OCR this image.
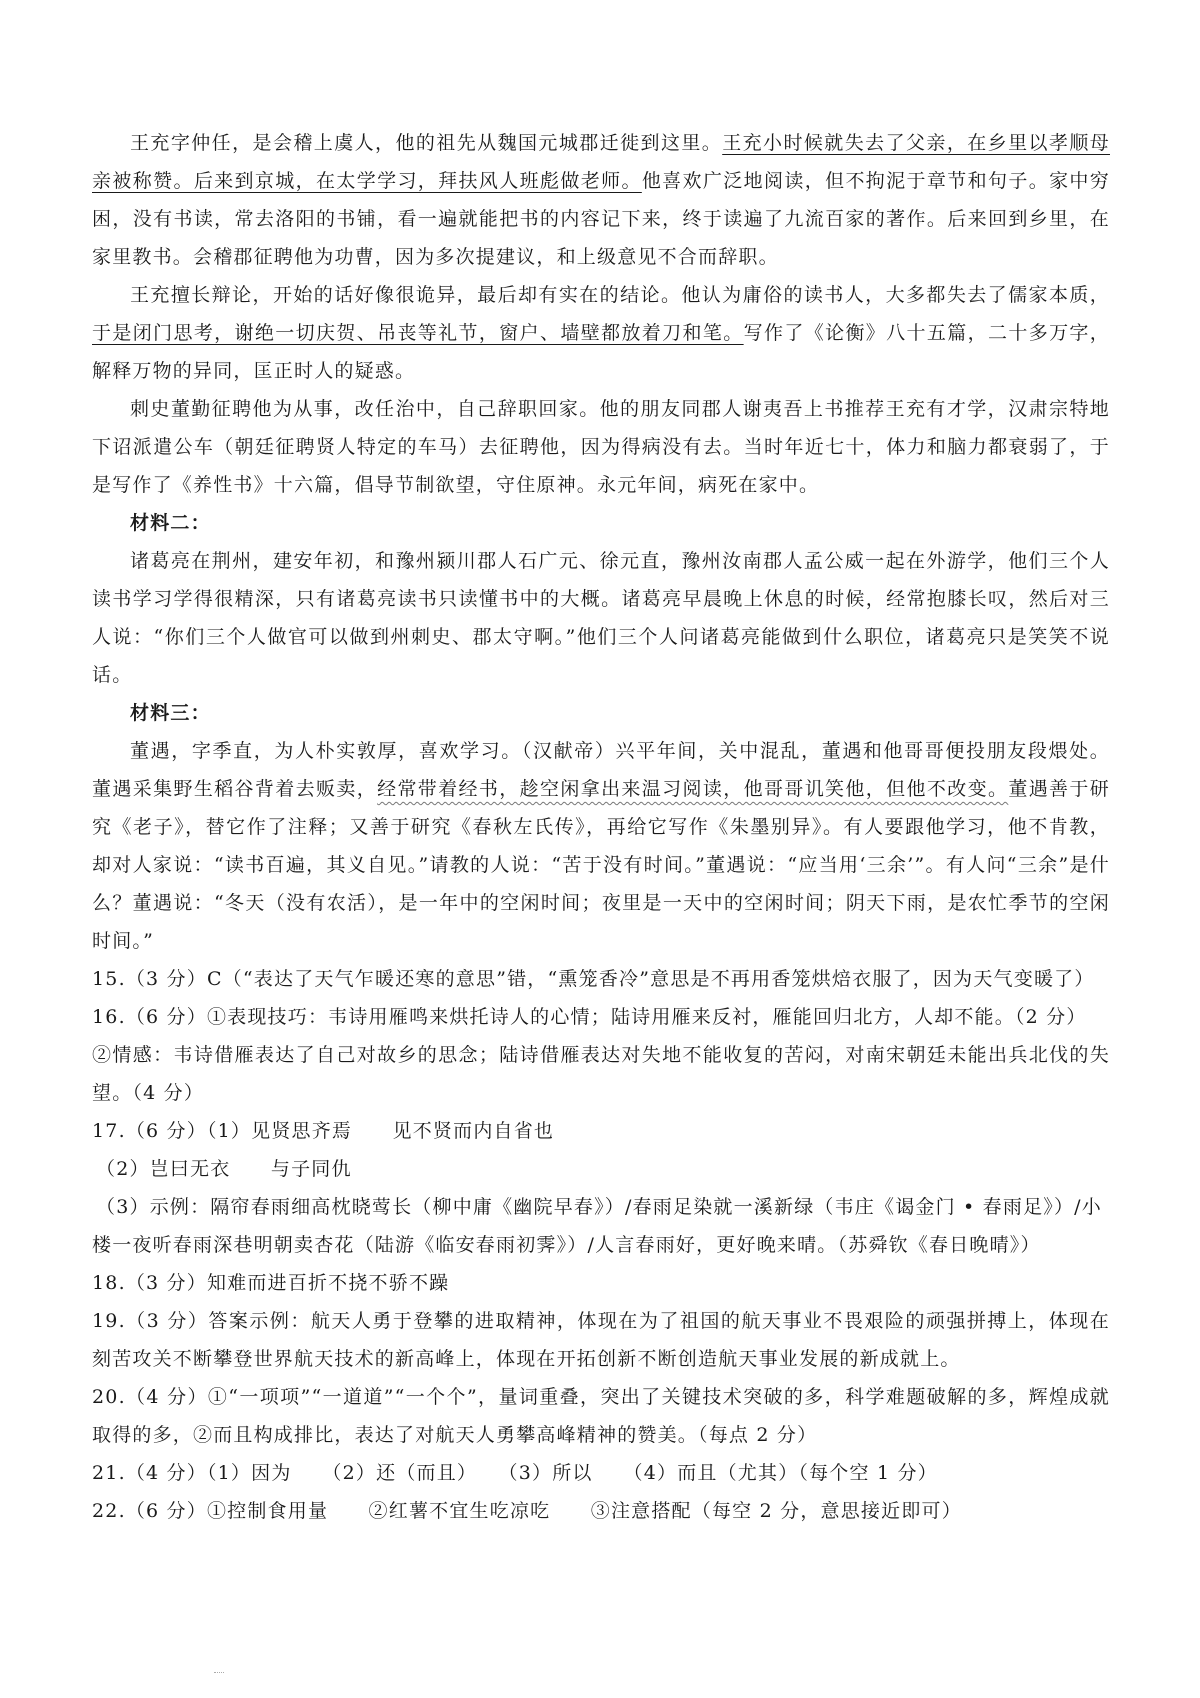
王充字仲任，是会稽上虞人，他的祖先从魏国元城郡迁徙到这里。王充小时候就失去了父亲，在乡里以孝顺母亲被称赞。后来到京城，在太学学习，拜扶风人班彪做老师。他喜欢广泛地阅读，但不拘泥于章节和句子。家中穷困，没有书读，常去洛阳的书铺，看一遍就能把书的内容记下来，终于读遍了九流百家的著作。后来回到乡里，在家里教书。会稽郡征聘他为功曹，因为多次提建议，和上级意见不合而辞职。

王充擅长辩论，开始的话好像很诡异，最后却有实在的结论。他认为庸俗的读书人，大多都失去了儒家本质，于是闭门思考，谢绝一切庆贺、吊丧等礼节，窗户、墙壁都放着刀和笔。写作了《论衡》八十五篇，二十多万字，解释万物的异同，匡正时人的疑惑。

刺史董勤征聘他为从事，改任治中，自己辞职回家。他的朋友同郡人谢夷吾上书推荐王充有才学，汉肃宗特地下诏派遣公车（朝廷征聘贤人特定的车马）去征聘他，因为得病没有去。当时年近七十，体力和脑力都衰弱了，于是写作了《养性书》十六篇，倡导节制欲望，守住原神。永元年间，病死在家中。

材料二：

诸葛亮在荆州，建安年初，和豫州颍川郡人石广元、徐元直，豫州汝南郡人孟公威一起在外游学，他们三个人读书学习学得很精深，只有诸葛亮读书只读懂书中的大概。诸葛亮早晨晚上休息的时候，经常抱膝长叹，然后对三人说：“你们三个人做官可以做到州刺史、郡太守啊。”他们三个人问诸葛亮能做到什么职位，诸葛亮只是笑笑不说话。

材料三：

董遇，字季直，为人朴实敦厚，喜欢学习。（汉献帝）兴平年间，关中混乱，董遇和他哥哥便投朋友段煨处。董遇采集野生稻谷背着去贩卖，经常带着经书，趁空闲拿出来温习阅读，他哥哥讥笑他，但他不改变。董遇善于研究《老子》，替它作了注释；又善于研究《春秋左氏传》，再给它写作《朱墨别异》。有人要跟他学习，他不肯教，却对人家说：“读书百遍，其义自见。”请教的人说：“苦于没有时间。”董遇说：“应当用‘三余’”。有人问“三余”是什么？董遇说：“冬天（没有农活），是一年中的空闲时间；夜里是一天中的空闲时间；阴天下雨，是农忙季节的空闲时间。”

15.（3 分）C（“表达了天气乍暖还寒的意思”错，“熏笼香冷”意思是不再用香笼烘焙衣服了，因为天气变暖了）

16.（6 分）①表现技巧：韦诗用雁鸣来烘托诗人的心情；陆诗用雁来反衬，雁能回归北方，人却不能。（2 分）

②情感：韦诗借雁表达了自己对故乡的思念；陆诗借雁表达对失地不能收复的苦闷，对南宋朝廷未能出兵北伐的失望。（4 分）

17.（6 分）（1）见贤思齐焉　　见不贤而内自省也

（2）岂曰无衣　　与子同仇

（3）示例：隔帘春雨细高枕晓莺长（柳中庸《幽院早春》）/春雨足染就一溪新绿（韦庄《谒金门 • 春雨足》）/小楼一夜听春雨深巷明朝卖杏花（陆游《临安春雨初霁》）/人言春雨好，更好晚来晴。（苏舜钦《春日晚晴》）

18.（3 分）知难而进百折不挠不骄不躁

19.（3 分）答案示例：航天人勇于登攀的进取精神，体现在为了祖国的航天事业不畏艰险的顽强拼搏上，体现在刻苦攻关不断攀登世界航天技术的新高峰上，体现在开拓创新不断创造航天事业发展的新成就上。

20.（4 分）①“一项项”“一道道”“一个个”，量词重叠，突出了关键技术突破的多，科学难题破解的多，辉煌成就取得的多，②而且构成排比，表达了对航天人勇攀高峰精神的赞美。（每点 2 分）

21.（4 分）（1）因为　　（2）还（而且）　　（3）所以　　（4）而且（尤其）（每个空 1 分）

22.（6 分）①控制食用量　　②红薯不宜生吃凉吃　　③注意搭配（每空 2 分，意思接近即可）
